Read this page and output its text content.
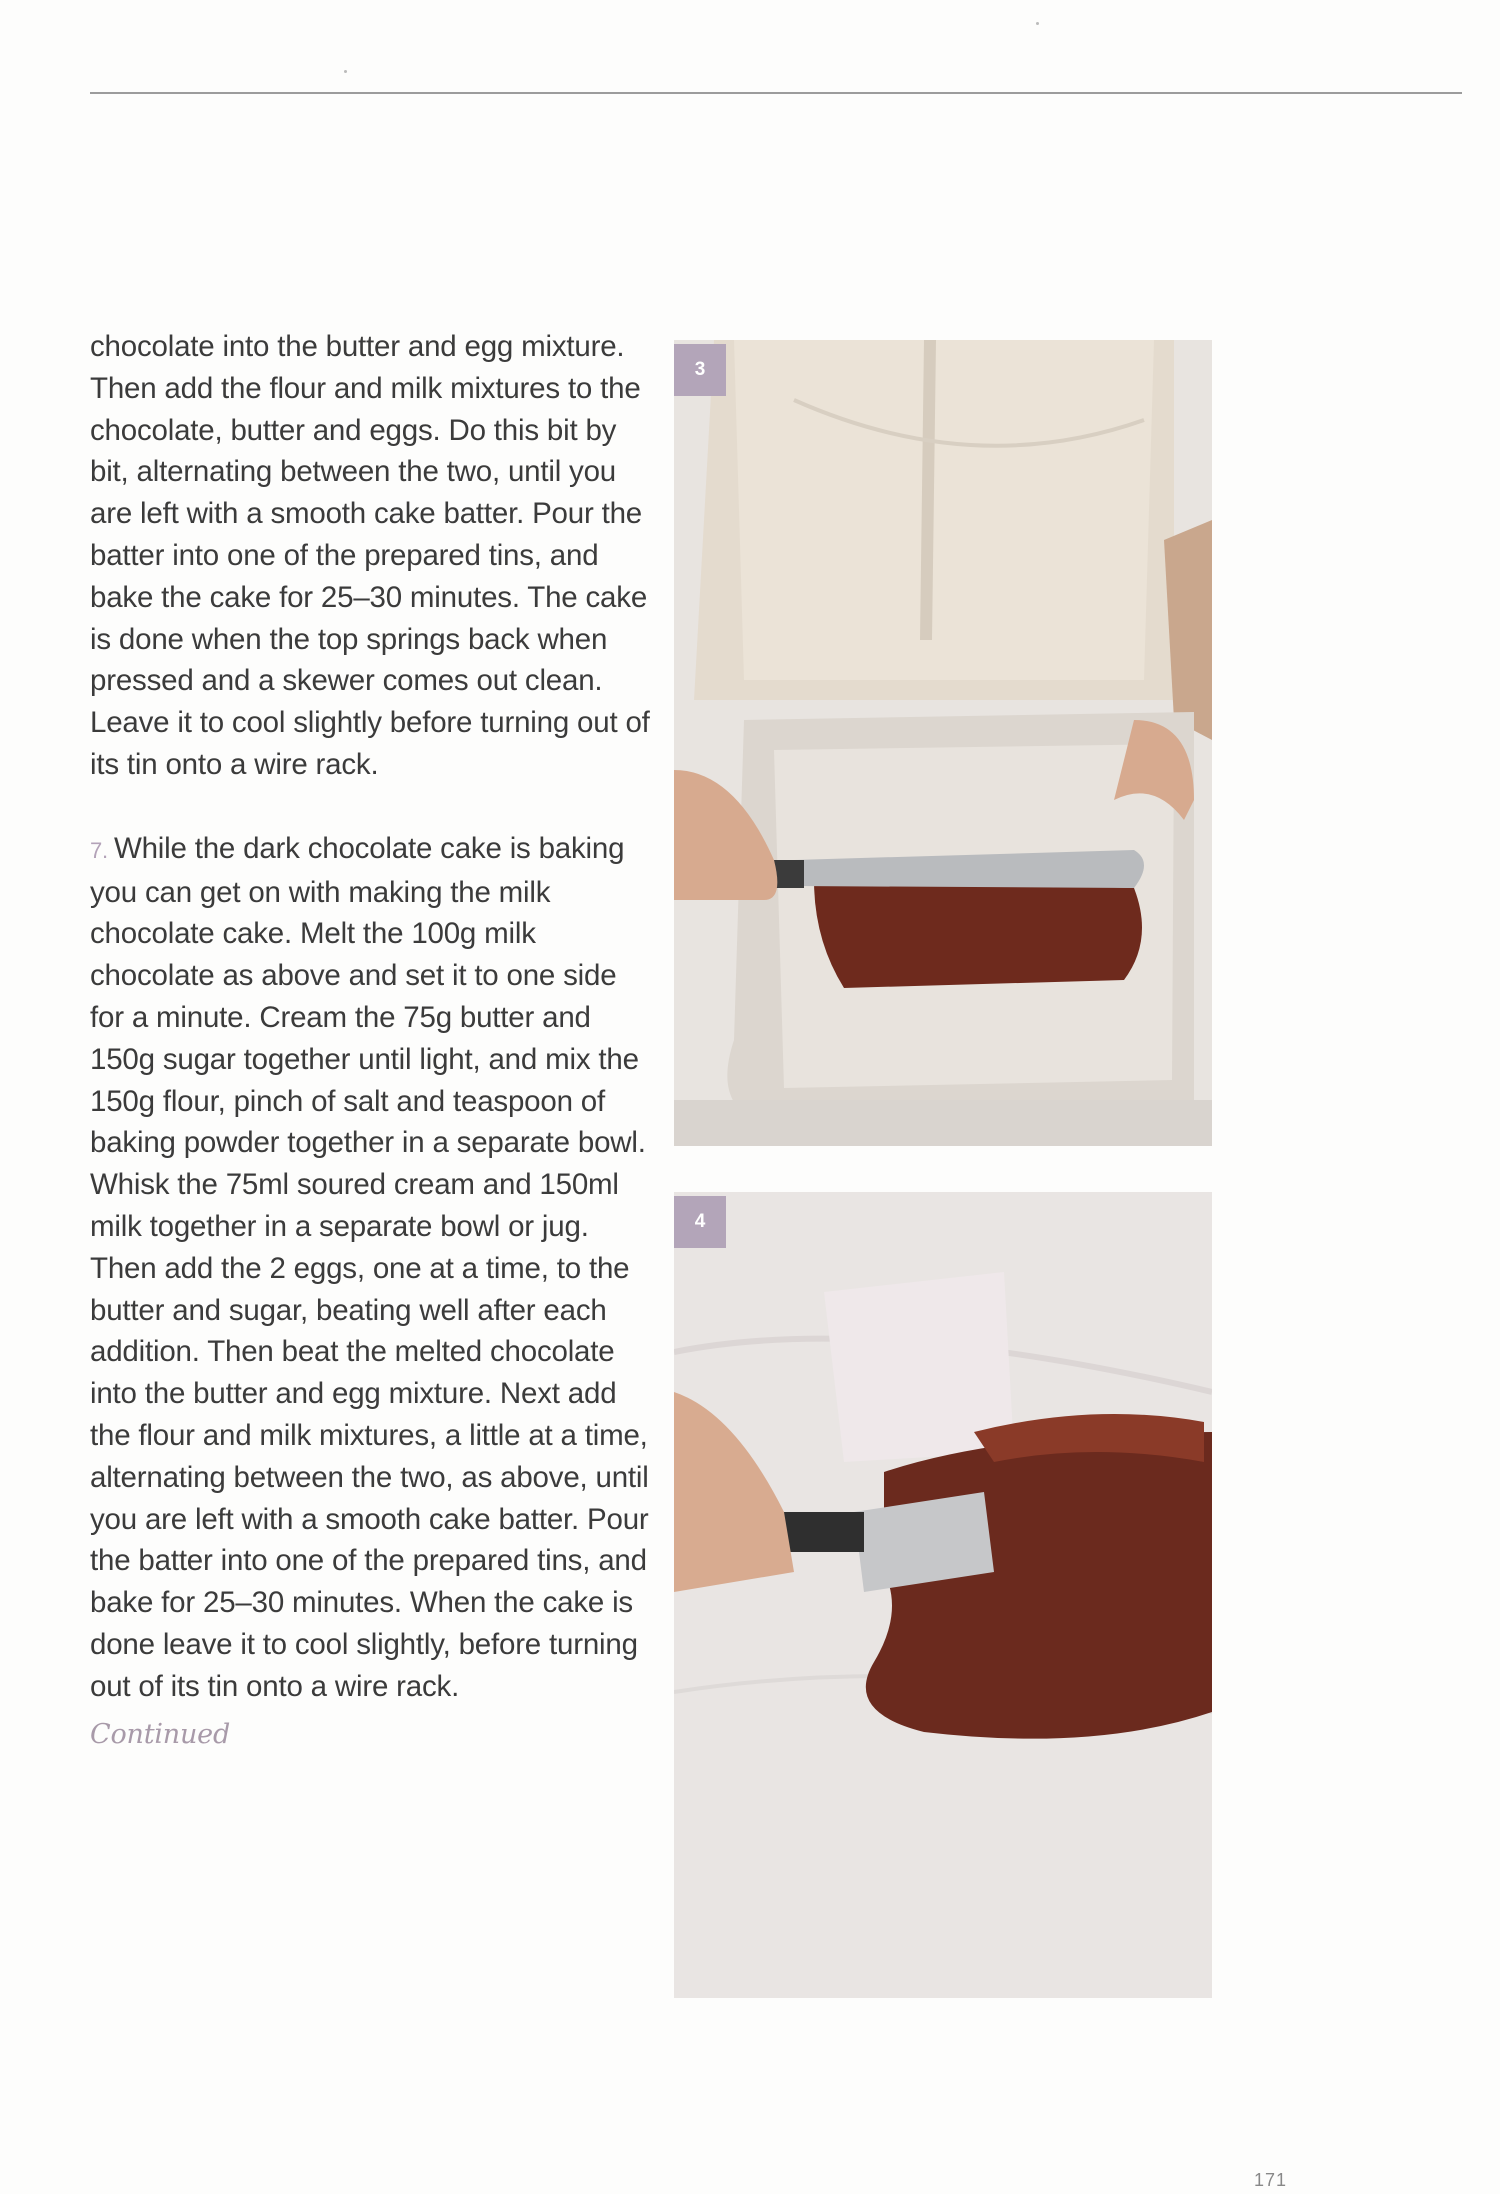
chocolate into the butter and egg mixture. Then add the flour and milk mixtures to the chocolate, butter and eggs. Do this bit by bit, alternating between the two, until you are left with a smooth cake batter. Pour the batter into one of the prepared tins, and bake the cake for 25–30 minutes. The cake is done when the top springs back when pressed and a skewer comes out clean. Leave it to cool slightly before turning out of its tin onto a wire rack.

7. While the dark chocolate cake is baking you can get on with making the milk chocolate cake. Melt the 100g milk chocolate as above and set it to one side for a minute. Cream the 75g butter and 150g sugar together until light, and mix the 150g flour, pinch of salt and teaspoon of baking powder together in a separate bowl. Whisk the 75ml soured cream and 150ml milk together in a separate bowl or jug. Then add the 2 eggs, one at a time, to the butter and sugar, beating well after each addition. Then beat the melted chocolate into the butter and egg mixture. Next add the flour and milk mixtures, a little at a time, alternating between the two, as above, until you are left with a smooth cake batter. Pour the batter into one of the prepared tins, and bake for 25–30 minutes. When the cake is done leave it to cool slightly, before turning out of its tin onto a wire rack.

Continued
3
4
171
